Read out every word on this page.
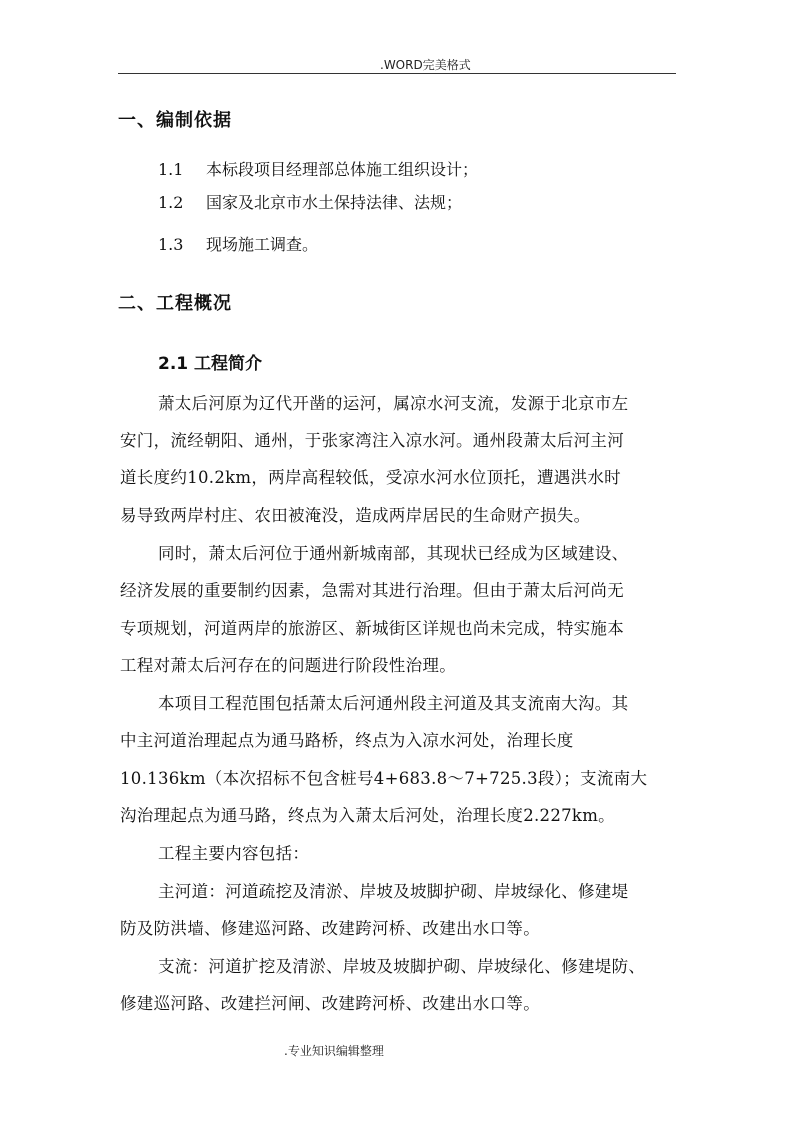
.WORD完美格式
一、编制依据
1.1 本标段项目经理部总体施工组织设计；
1.2 国家及北京市水土保持法律、法规；
1.3 现场施工调查。
二、工程概况
2.1 工程简介
萧太后河原为辽代开凿的运河，属凉水河支流，发源于北京市左
安门，流经朝阳、通州，于张家湾注入凉水河。通州段萧太后河主河
道长度约10.2km，两岸高程较低，受凉水河水位顶托，遭遇洪水时
易导致两岸村庄、农田被淹没，造成两岸居民的生命财产损失。
同时，萧太后河位于通州新城南部，其现状已经成为区域建设、
经济发展的重要制约因素，急需对其进行治理。但由于萧太后河尚无
专项规划，河道两岸的旅游区、新城街区详规也尚未完成，特实施本
工程对萧太后河存在的问题进行阶段性治理。
本项目工程范围包括萧太后河通州段主河道及其支流南大沟。其
中主河道治理起点为通马路桥，终点为入凉水河处，治理长度
10.136km（本次招标不包含桩号4+683.8～7+725.3段）；支流南大
沟治理起点为通马路，终点为入萧太后河处，治理长度2.227km。
工程主要内容包括：
主河道：河道疏挖及清淤、岸坡及坡脚护砌、岸坡绿化、修建堤
防及防洪墙、修建巡河路、改建跨河桥、改建出水口等。
支流：河道扩挖及清淤、岸坡及坡脚护砌、岸坡绿化、修建堤防、
修建巡河路、改建拦河闸、改建跨河桥、改建出水口等。
.专业知识编辑整理
